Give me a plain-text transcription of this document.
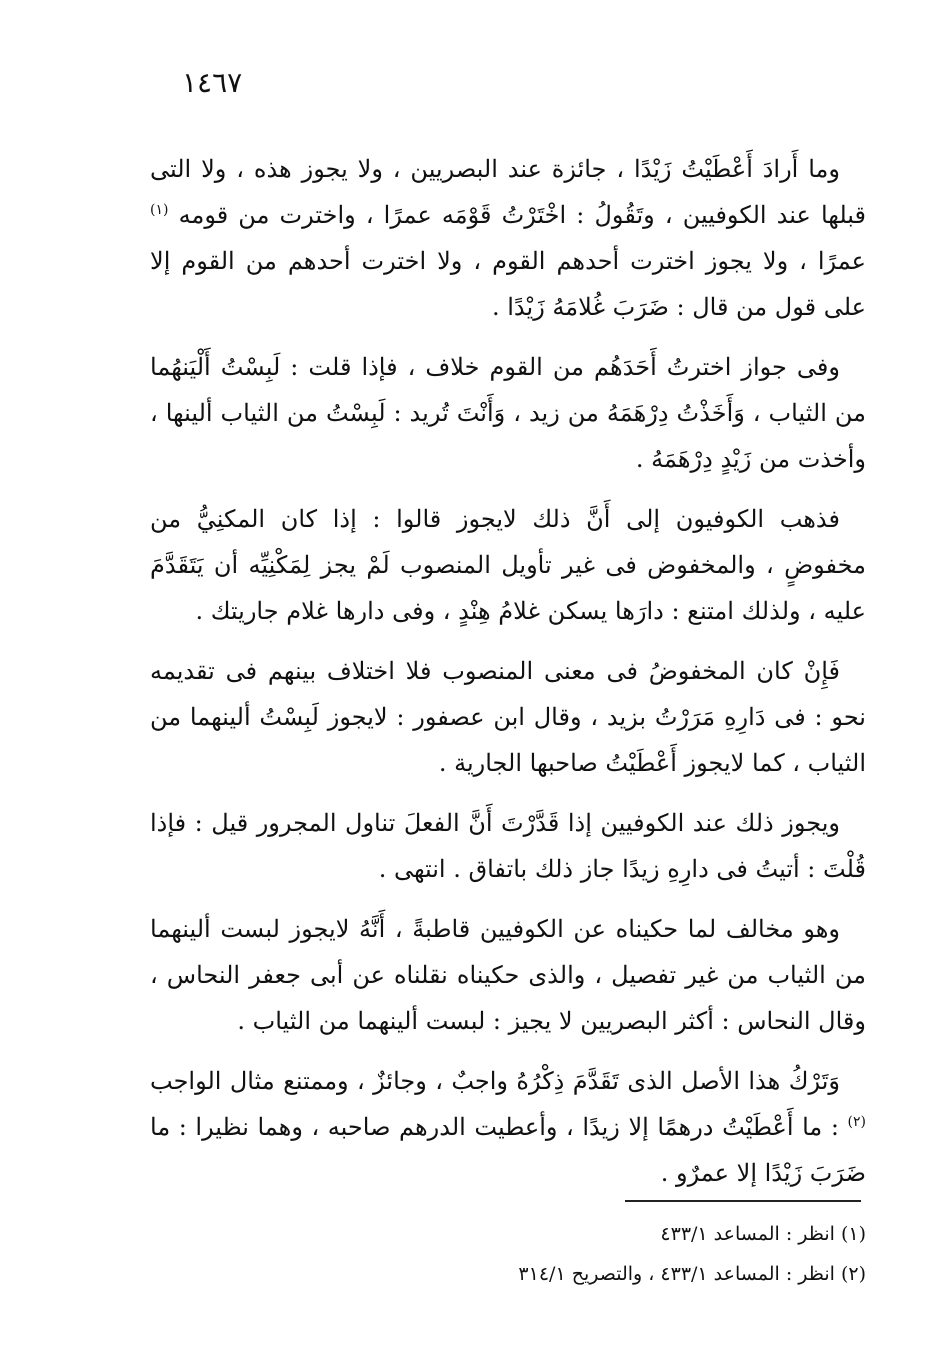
١٤٦٧

وما أَرادَ أَعْطَيْتُ زَيْدًا ، جائزة عند البصريين ، ولا يجوز هذه ، ولا التى قبلها عند الكوفيين ، وتَقُولُ : اخْتَرْتُ قَوْمَه عمرًا ، واخترت من قومه $^{(١)}$ عمرًا ، ولا يجوز اخترت أحدهم القوم ، ولا اخترت أحدهم من القوم إلا على قول من قال : ضَرَبَ غُلامَهُ زَيْدًا .

وفى جواز اخترتُ أَحَدَهُم من القوم خلاف ، فإذا قلت : لَبِسْتُ أَلْيَنهُما من الثياب ، وَأَخَذْتُ دِرْهَمَهُ من زيد ، وَأَنْتَ تُريد : لَبِسْتُ من الثياب ألينها ، وأخذت من زَيْدٍ دِرْهَمَهُ .

فذهب الكوفيون إلى أَنَّ ذلك لايجوز قالوا : إذا كان المكنِيُّ من مخفوضٍ ، والمخفوض فى غير تأويل المنصوب لَمْ يجز لِمَكْنِيِّه أن يَتَقَدَّمَ عليه ، ولذلك امتنع : دارَها يسكن غلامُ هِنْدٍ ، وفى دارها غلام جاريتك .

فَإِنْ كان المخفوضُ فى معنى المنصوب فلا اختلاف بينهم فى تقديمه نحو : فى دَارِهِ مَرَرْتُ بزيد ، وقال ابن عصفور : لايجوز لَبِسْتُ ألينهما من الثياب ، كما لايجوز أَعْطَيْتُ صاحبها الجارية .

ويجوز ذلك عند الكوفيين إذا قَدَّرْتَ أَنَّ الفعلَ تناول المجرور قيل : فإذا قُلْتَ : أتيتُ فى دارِهِ زيدًا جاز ذلك باتفاق . انتهى .

وهو مخالف لما حكيناه عن الكوفيين قاطبةً ، أَنَّهُ لايجوز لبست ألينهما من الثياب من غير تفصيل ، والذى حكيناه نقلناه عن أبى جعفر النحاس ، وقال النحاس : أكثر البصريين لا يجيز : لبست ألينهما من الثياب .

وَتَرْكُ هذا الأصل الذى تَقَدَّمَ ذِكْرُهُ واجبٌ ، وجائزٌ ، وممتنع مثال الواجب $^{(٢)}$ : ما أَعْطَيْتُ درهمًا إلا زيدًا ، وأعطيت الدرهم صاحبه ، وهما نظيرا : ما ضَرَبَ زَيْدًا إلا عمرٌو .

(١) انظر : المساعد ٤٣٣/١

(٢) انظر : المساعد ٤٣٣/١ ، والتصريح ٣١٤/١
